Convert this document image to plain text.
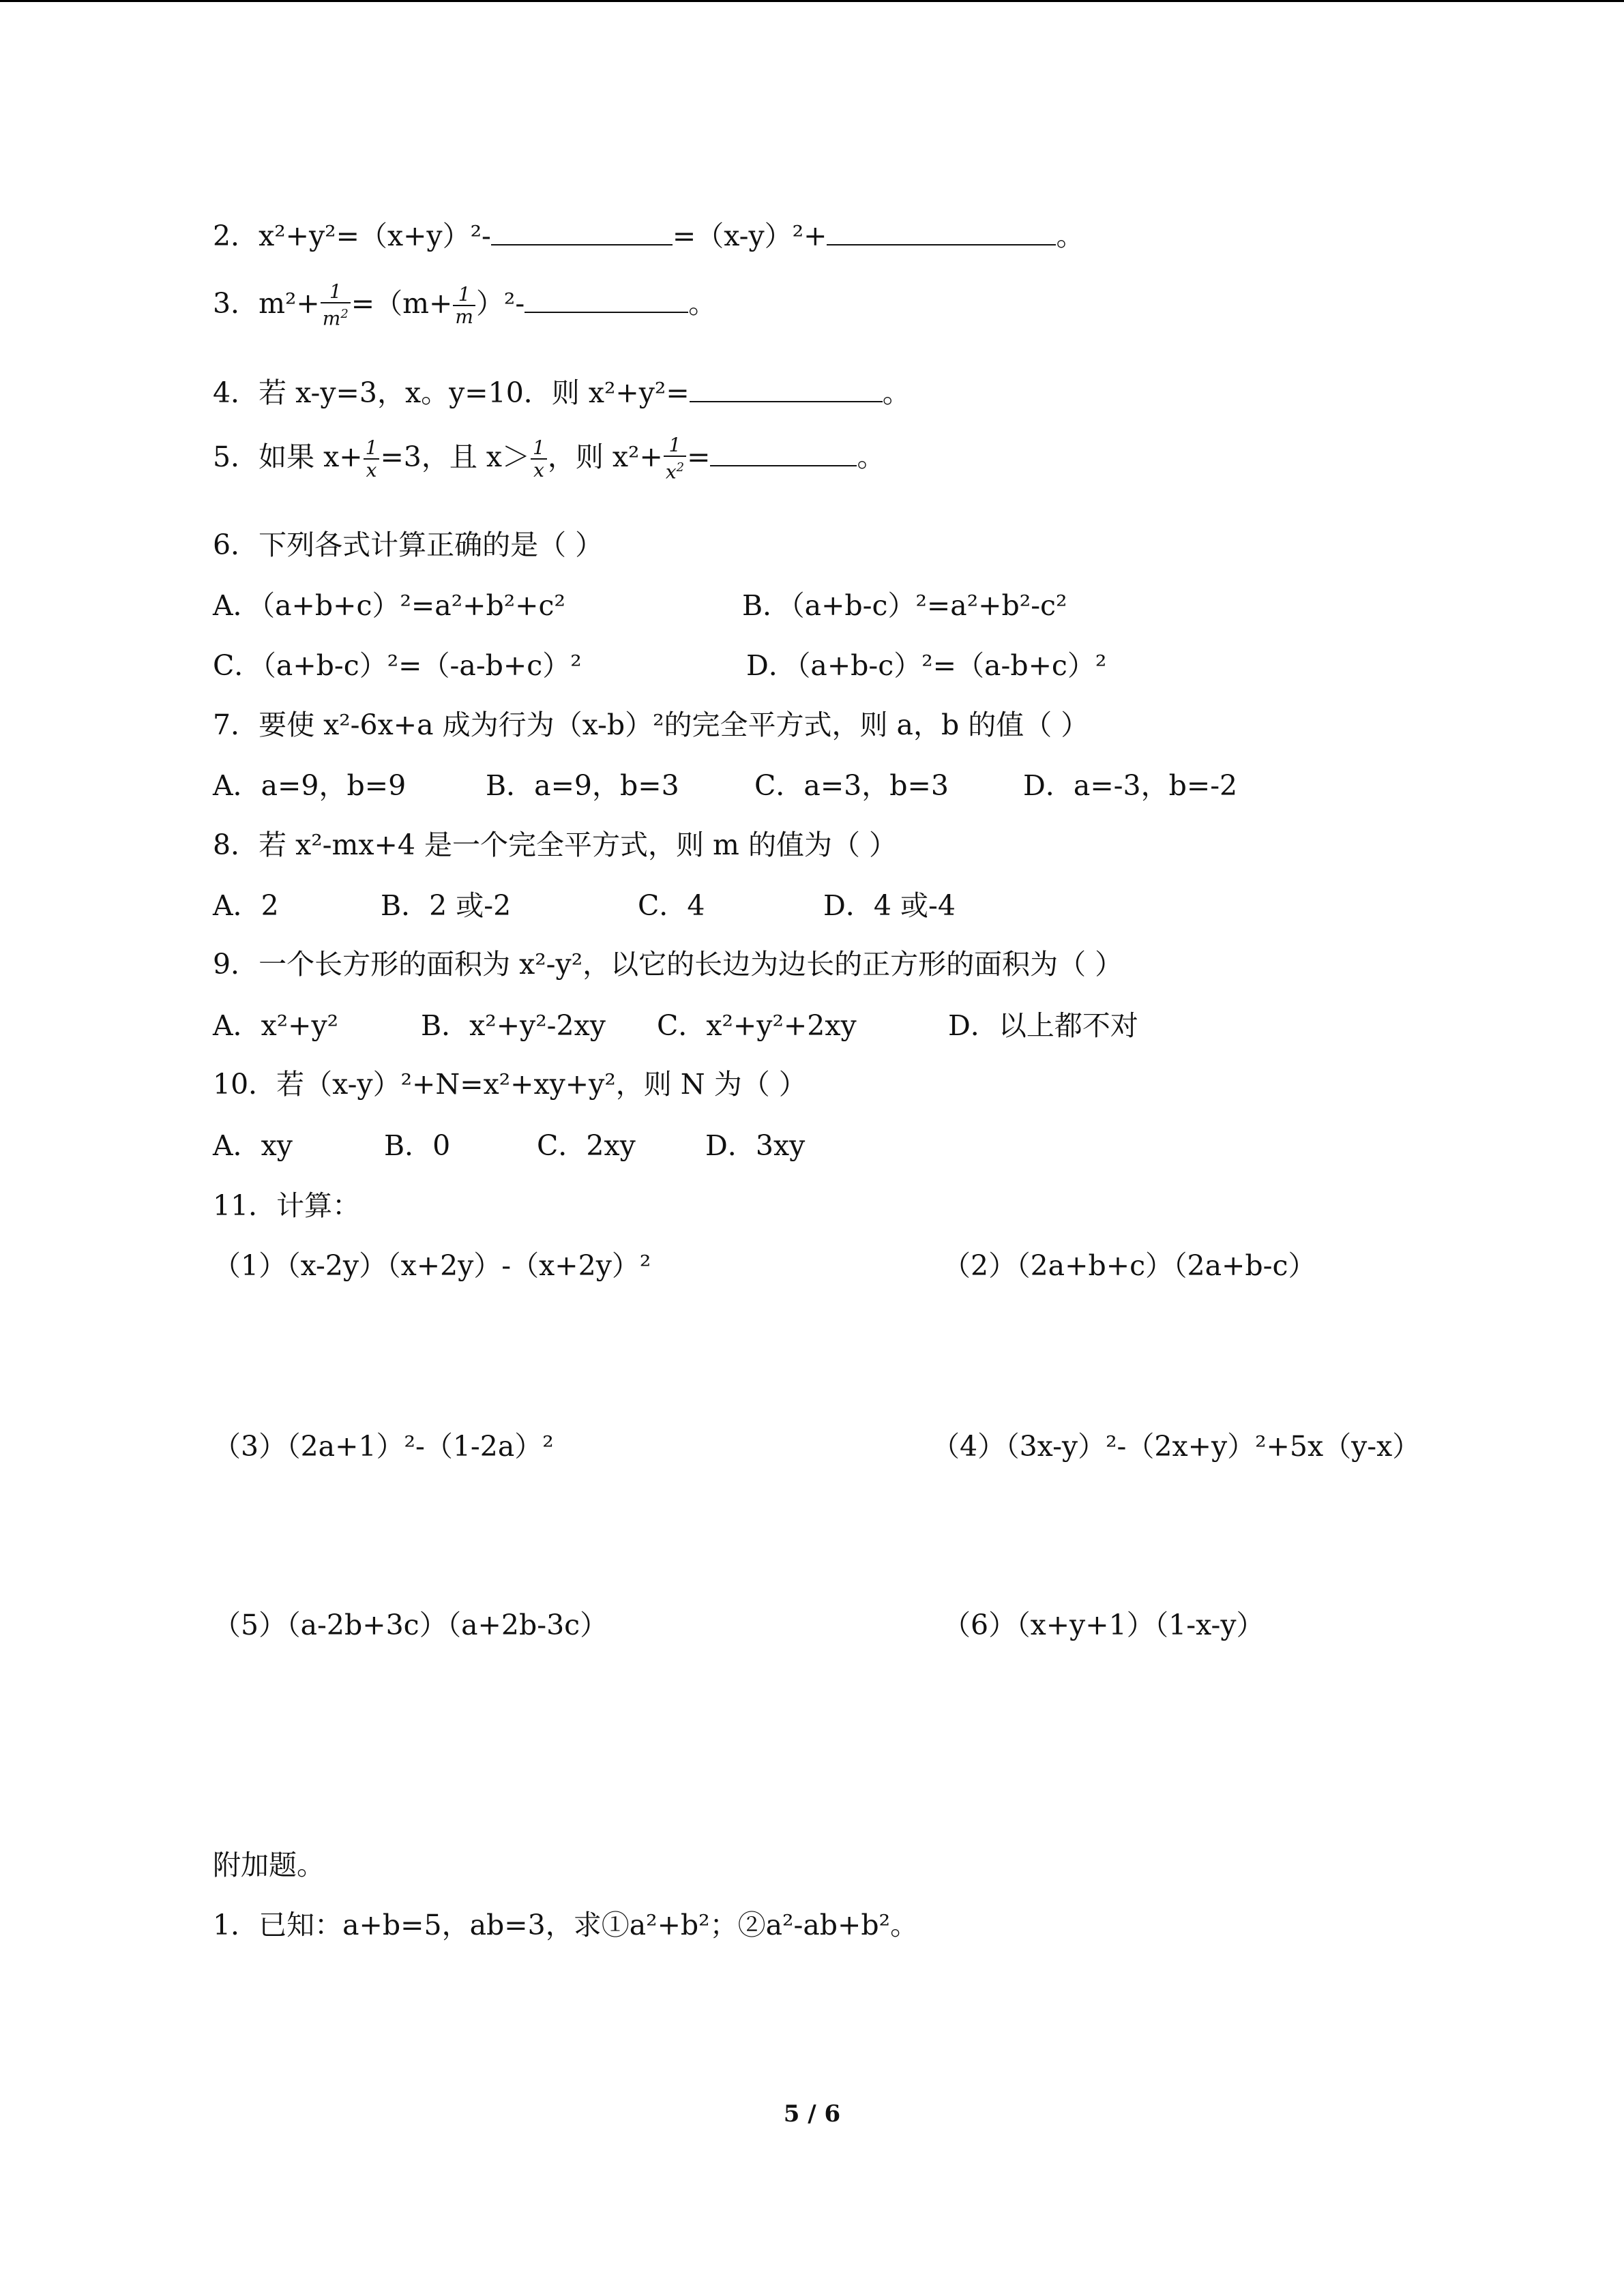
2．x²+y²=（x+y）²-	=（x-y）²+	。
3．$m^2+ \frac{1}{m^2} =(m+ \frac{1}{m} )^2-$	。
4．若 x-y=3，x。y=10．则 x²+y²=	。
5．如果 $x+ \frac{1}{x} =3$，且 $x> \frac{1}{x}$ ，则 $x^2+ \frac{1}{x^2}$ =	。
6．下列各式计算正确的是（ ）
A．（a+b+c）²=a²+b²+c²	B．（a+b-c）²=a²+b²-c²
C．（a+b-c）²=（-a-b+c）²	D．（a+b-c）²=（a-b+c）²
7．要使 x²-6x+a 成为行为（x-b）²的完全平方式，则 a，b 的值（ ）
A．a=9，b=9	B．a=9，b=3	C．a=3，b=3	D．a=-3，b=-2
8．若 x²-mx+4 是一个完全平方式，则 m 的值为（ ）
A．2	B．2 或-2	C．4	D．4 或-4
9．一个长方形的面积为 x²-y²，以它的长边为边长的正方形的面积为（ ）
A．x²+y²	B．x²+y²-2xy C．x²+y²+2xy	D．以上都不对
10．若（x-y）²+N=x²+xy+y²，则 N 为（ ）
A．xy	B．0	C．2xy D．3xy
11．计算：
（1）（x-2y）（x+2y）-（x+2y）²	（2）（2a+b+c）（2a+b-c）
（3）（2a+1）²-（1-2a）²	（4）（3x-y）²-（2x+y）²+5x（y-x）
（5）（a-2b+3c）（a+2b-3c）	（6）（x+y+1）（1-x-y）
附加题。
1．已知：a+b=5，ab=3，求①a²+b²；②a²-ab+b²。
5 / 6
